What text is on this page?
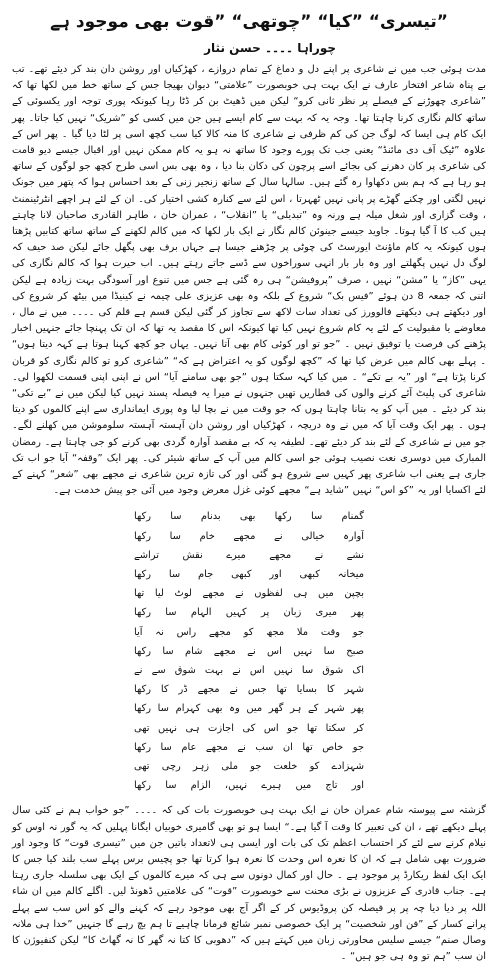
”تیسری“ ”کیا“ ”چوتھی“ ”قوت بھی موجود ہے
چوراہا ۔۔۔۔ حسن نثار

مدت ہوئی جب میں نے شاعری پر اپنے دل و دماغ کے تمام دروازے ، کھڑکیاں اور روشن دان بند کر دیئے تھے۔ تب بے پناہ شاعر افتخار عارف نے ایک بہت ہی خوبصورت ”علامتی“ دیوان بھیجا جس کے ساتھ خط میں لکھا تھا کہ ”شاعری چھوڑنے کے فیصلے پر نظر ثانی کرو“ لیکن میں ڈھیٹ بن کر ڈٹا رہا کیونکہ پوری توجہ اور یکسوئی کے ساتھ کالم نگاری کرنا چاہتا تھا۔ وجہ یہ کہ بہت سے کام ایسے ہیں جن میں کسی کو ”شریک“ نہیں کیا جاتا۔ پھر ایک کام ہی ایسا کہ لوگ جن کی کم ظرفی نے شاعری کا منہ کالا کیا سب کچھ اسی پر لٹا دیا گیا ۔ پھر اس کے علاوہ ”ٹیک آف دی مائنڈ“ یعنی جب تک پورے وجود کا ساتھ نہ ہو یہ کام ممکن نہیں اور اقبال جیسے دیو قامت کی شاعری پر کان دھرنے کی بجائے اسے پرچون کی دکان بنا دیا ، وہ بھی بس اسی طرح کچھ جو لوگوں کے ساتھ ہو رہا ہے کہ ہم بس دکھاوا رہ گئے ہیں۔ سالہا سال کے ساتھ زنجیر زنی کے بعد احساس ہوا کہ پتھر میں جونک نہیں لگتی اور چکنے گھڑے پر پانی نہیں ٹھہرتا ، اس لئے سے کنارہ کشی اختیار کی۔ ان کے لئے ہر اچھے انٹرٹینمنٹ ، وقت گزاری اور شغل میلہ ہے ورنہ وہ ”تبدیلی“ یا ”انقلاب“ ، عمران خان ، طاہر القادری صاحبان لانا چاہتے ہیں کب کا آ گیا ہوتا۔ جاوید جیسے جینوئن کالم نگار نے ایک بار لکھا کہ میں کالم لکھنے کے ساتھ ساتھ کتابیں پڑھتا ہوں کیونکہ یہ کام ماؤنٹ ایورسٹ کی چوٹی پر چڑھنے جیسا ہے جہاں برف بھی پگھل جائے لیکن صد حیف کہ لوگ دل نہیں پگھلتے اور وہ بار بار انہی سوراخوں سے ڈسے جاتے رہتے ہیں۔ اب حیرت ہوا کہ کالم نگاری کی یہی ”کاز“ یا ”مشن“ نہیں ، صرف ”پروفیشن“ ہی رہ گئی ہے جس میں تنوع اور آسودگی بہت زیادہ ہے لیکن اتنی کہ جمعہ 8 دن ہوئے ”فیس بک“ شروع کے بلکہ وہ بھی عزیزی علی چیمہ نے کینیڈا میں بیٹھ کر شروع کی اور دیکھتے ہی دیکھتے فالوورز کی تعداد سات لاکھ سے تجاوز کر گئی لیکن قسم ہے قلم کی ۔۔۔۔ میں نے مال ، معاوضے یا مقبولیت کے لئے یہ کام شروع نہیں کیا تھا کیونکہ اس کا مقصد یہ تھا کہ ان تک پہنچا جائے جنہیں اخبار پڑھنے کی فرصت یا توفیق نہیں ۔ ”جو تو اور کوئی کام بھی آتا نہیں۔ یہاں جو کچھ کہنا ہوتا ہے کہہ دیتا ہوں“ ۔ پہلے بھی کالم میں عرض کیا تھا کہ ”کچھ لوگوں کو یہ اعتراض ہے کہ“ ”شاعری کرو تو کالم نگاری کو قربان کرنا پڑتا ہے“ اور ”یہ بے تکے“ ۔ میں کیا کہہ سکتا ہوں ”جو بھی سامنے آیا“ اس نے اپنی اپنی قسمت لکھوا لی۔ شاعری کی پلیٹ آئے کرنے والوں کی قطاریں تھیں جنہوں نے میرا یہ فیصلہ پسند نہیں کیا لیکن میں نے ”بے تکی“ بند کر دیئے ۔ میں آپ کو یہ بتانا چاہتا ہوں کہ جو وقت میں نے بچا لیا وہ پوری ایمانداری سے اپنے کالموں کو دیتا ہوں ۔ پھر ایک وقت آیا کہ میں نے وہ دریچہ ، کھڑکیاں اور روشن دان آہستہ آہستہ سلوموشن میں کھلنے لگے۔ جو میں نے شاعری کے لئے بند کر دیئے تھے۔ لطیفہ یہ کہ بے مقصد آوارہ گردی بھی کرنے کو جی چاہتا ہے۔ رمضان المبارک میں دوسری نعت نصیب ہوئی جو اسی کالم میں آپ کے ساتھ شیئر کی۔ پھر ایک ”وقفہ“ آیا جو اب تک جاری ہے یعنی اب شاعری پھر کہیں سے شروع ہو گئی اور کی تازہ ترین شاعری نے مجھے بھی ”شعر“ کہنے کے لئے اکسایا اور یہ ”کو اس“ نہیں ”شاید ہے“ مجھے کوئی غزل معرض وجود میں آئی جو پیش خدمت ہے۔

گمنام سا رکھا بھی بدنام سا رکھا
آوارہ خیالی نے مجھے خام سا رکھا
نشے نے مجھے میرے نقش تراشے
میخانہ کبھی اور کبھی جام سا رکھا
بچپن میں ہی لفظوں نے مجھے لوٹ لیا تھا
پھر میری زبان پر کہیں الہام سا رکھا
جو وقت ملا مجھ کو مجھے راس نہ آیا
صبح سا نہیں اس نے مجھے شام سا رکھا
اک شوق سا نہیں اس نے بہت شوق سے نے
شہر کا بسایا تھا جس نے مجھے ڈر کا رکھا
پھر شہر کے ہر گھر میں وہ بھی کہرام سا رکھا
کر سکتا تھا جو اس کی اجازت ہی نہیں تھی
جو خاص تھا ان سب نے مجھے عام سا رکھا
شہزادے کو خلعت جو ملی زہر رچی تھی
اور تاج میں ہیرے نہیں، الزام سا رکھا

گزشتہ سے پیوستہ شام عمران خان نے ایک بہت ہی خوبصورت بات کی کہ ۔۔۔۔ ”جو خواب ہم نے کئی سال پہلے دیکھے تھے ، ان کی تعبیر کا وقت آ گیا ہے۔“ ایسا ہو تو بھی گامیری خوبیاں ایگانا پہلیں کہ یہ گور نہ اوس کو نیلام کرنے سے لئے کر احتساب اعظم تک کی بات اور ایسی ہی لاتعداد باتیں جن میں ”تیسری قوت“ کا وجود اور ضرورت بھی شامل ہے کہ ان کا نعرہ اس وحدت کا نعرہ ہوا کرتا تھا جو پچیس برس پہلے سب بلند کیا جس کا ایک ایک لفظ ریکارڈ پر موجود ہے ۔ حال اور کمال دونوں سے ہی کہ میرے کالموں کے ایک بھی سلسلہ جاری رہتا ہے۔ جناب قادری کے عزیزوں نے بڑی محنت سے خوبصورت ”قوت“ کی علامتیں ڈھونڈ لیں۔ اگلے کالم میں ان شاء اللہ پر دیا دیا چہ پر پر فیصلہ کن پروڈیوس کر کے اگر آج بھی موجود رہے کہ کہنے والے کو اس سب سے پہلے پرانے کسار کے ”فن اور شخصیت“ پر ایک خصوصی نمبر شائع فرمانا چاہیے تا ہم بچ رہے گا جنہیں ”خدا ہی ملانہ وصال صنم“ جیسے سلیس محاورتی زبان میں کہتے ہیں کہ ”دھوبی کا کتا نہ گھر کا نہ گھاٹ کا“ لیکن کنفیوژن کا ان سب ”ہم تو وہ ہی جو ہیں“ ۔
